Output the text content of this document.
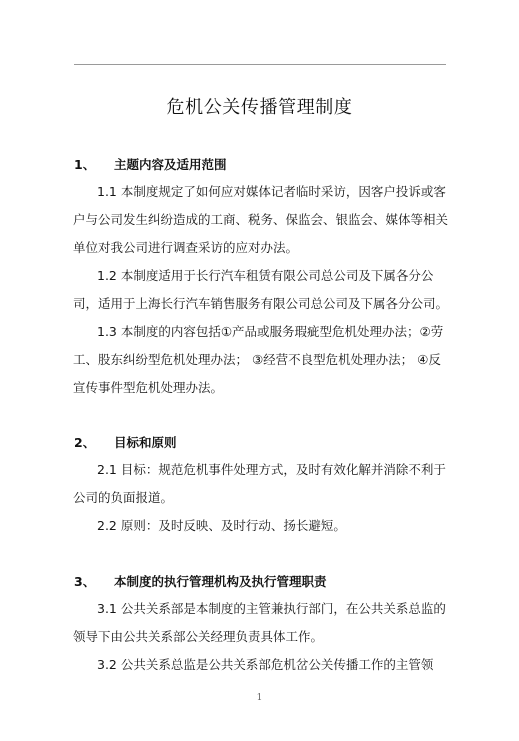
危机公关传播管理制度
1、 主题内容及适用范围
1.1 本制度规定了如何应对媒体记者临时采访，因客户投诉或客
户与公司发生纠纷造成的工商、税务、保监会、银监会、媒体等相关
单位对我公司进行调查采访的应对办法。
1.2 本制度适用于长行汽车租赁有限公司总公司及下属各分公
司，适用于上海长行汽车销售服务有限公司总公司及下属各分公司。
1.3 本制度的内容包括①产品或服务瑕疵型危机处理办法；②劳
工、股东纠纷型危机处理办法； ③经营不良型危机处理办法； ④反
宣传事件型危机处理办法。
2、 目标和原则
2.1 目标：规范危机事件处理方式，及时有效化解并消除不利于
公司的负面报道。
2.2 原则：及时反映、及时行动、扬长避短。
3、 本制度的执行管理机构及执行管理职责
3.1 公共关系部是本制度的主管兼执行部门，在公共关系总监的
领导下由公共关系部公关经理负责具体工作。
3.2 公共关系总监是公共关系部危机岔公关传播工作的主管领
1
